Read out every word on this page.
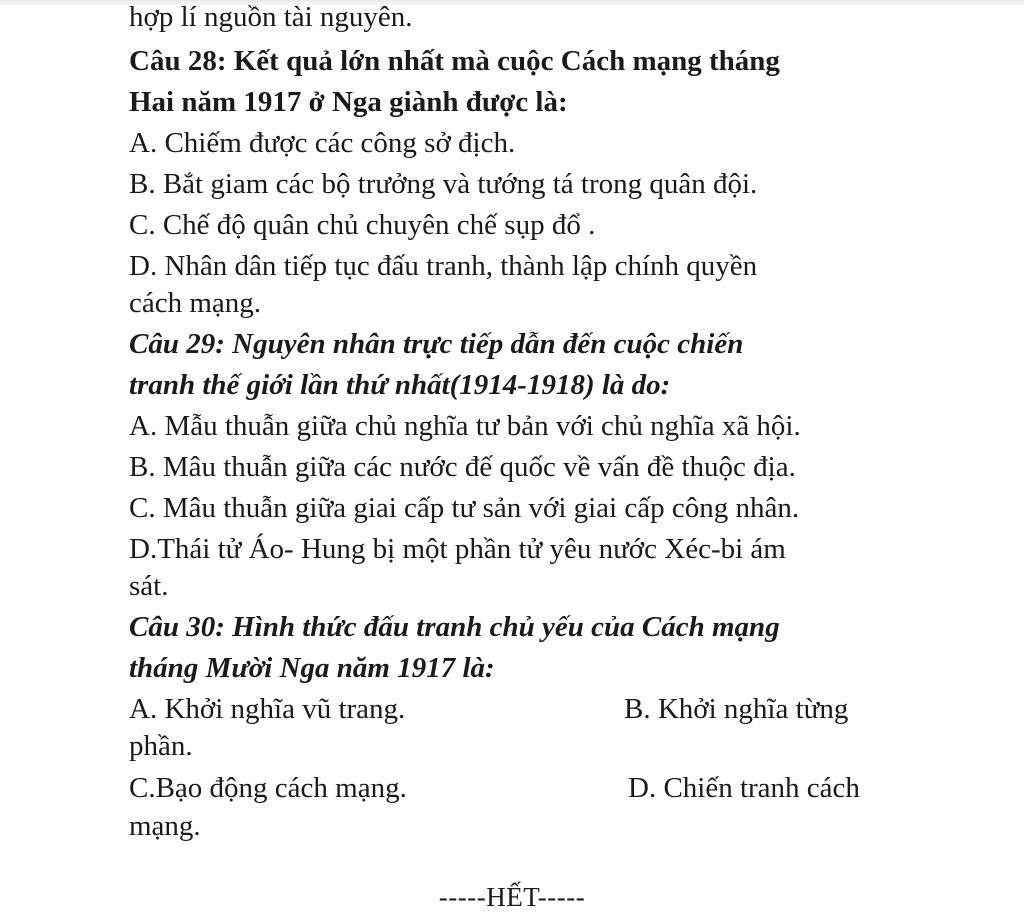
hợp lí nguồn tài nguyên.

Câu 28: Kết quả lớn nhất mà cuộc Cách mạng tháng

Hai năm 1917 ở Nga giành được là:

A. Chiếm được các công sở địch.

B. Bắt giam các bộ trưởng và tướng tá trong quân đội.

C. Chế độ quân chủ chuyên chế sụp đổ .

D. Nhân dân tiếp tục đấu tranh, thành lập chính quyền

cách mạng.

Câu 29: Nguyên nhân trực tiếp dẫn đến cuộc chiến

tranh thế giới lần thứ nhất(1914-1918) là do:

A. Mẫu thuẫn giữa chủ nghĩa tư bản với chủ nghĩa xã hội.

B. Mâu thuẫn giữa các nước đế quốc về vấn đề thuộc địa.

C. Mâu thuẫn giữa giai cấp tư sản với giai cấp công nhân.

D.Thái tử Áo- Hung bị một phần tử yêu nước Xéc-bi ám

sát.

Câu 30: Hình thức đấu tranh chủ yếu của Cách mạng

tháng Mười Nga năm 1917 là:

A. Khởi nghĩa vũ trang.	B. Khởi nghĩa từng

phần.

C.Bạo động cách mạng.	D. Chiến tranh cách

mạng.

-----HẾT-----
